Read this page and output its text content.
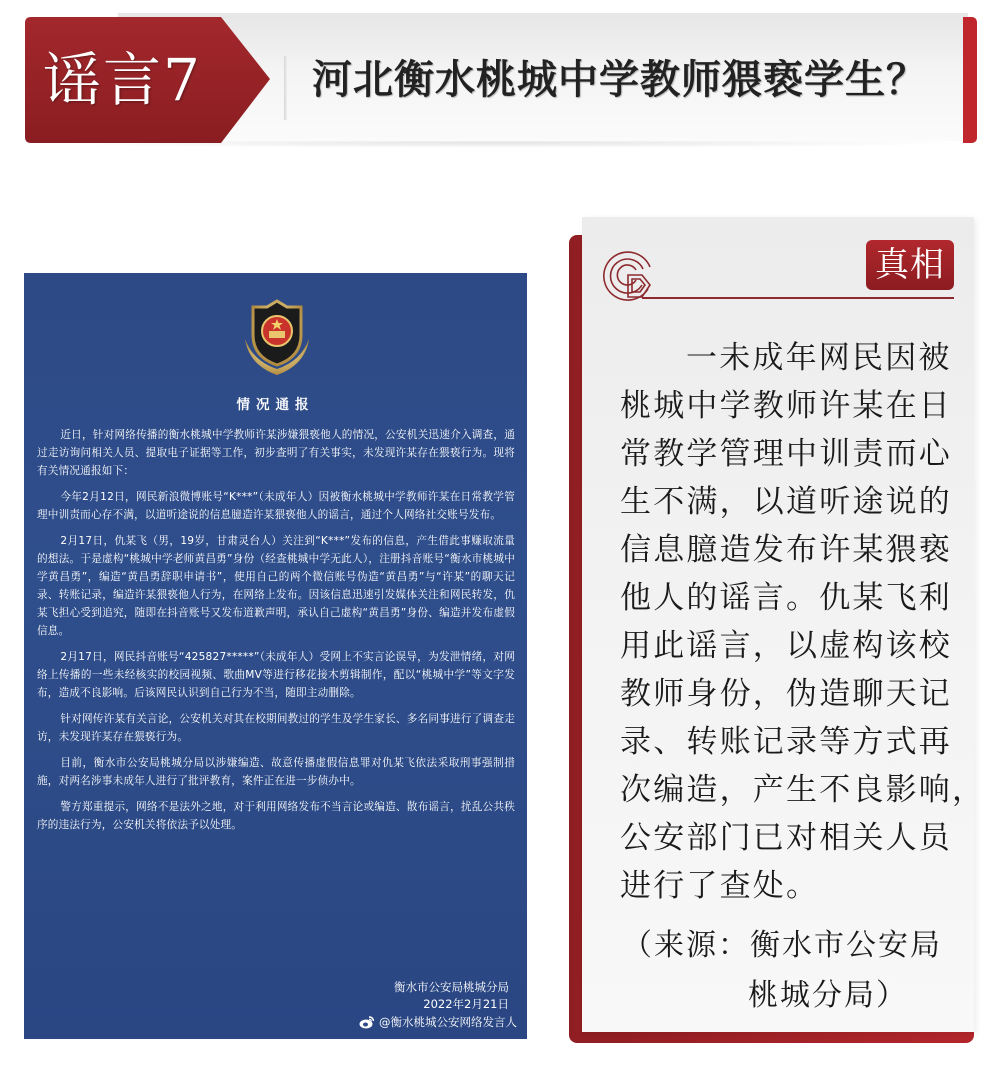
谣言7	河北衡水桃城中学教师猥亵学生？
情况通报

近日，针对网络传播的衡水桃城中学教师许某涉嫌猥亵他人的情况，公安机关迅速介入调查，通过走访询问相关人员、提取电子证据等工作，初步查明了有关事实，未发现许某存在猥亵行为。现将有关情况通报如下：

今年2月12日，网民新浪微博账号“K***”（未成年人）因被衡水桃城中学教师许某在日常教学管理中训责而心存不满，以道听途说的信息臆造许某猥亵他人的谣言，通过个人网络社交账号发布。

2月17日，仇某飞（男，19岁，甘肃灵台人）关注到“K***”发布的信息，产生借此事赚取流量的想法。于是虚构“桃城中学老师黄昌勇”身份（经查桃城中学无此人），注册抖音账号“衡水市桃城中学黄昌勇”，编造“黄昌勇辞职申请书”，使用自己的两个微信账号伪造“黄昌勇”与“许某”的聊天记录、转账记录，编造许某猥亵他人行为，在网络上发布。因该信息迅速引发媒体关注和网民转发，仇某飞担心受到追究，随即在抖音账号又发布道歉声明，承认自己虚构“黄昌勇”身份、编造并发布虚假信息。

2月17日，网民抖音账号“425827*****”（未成年人）受网上不实言论误导，为发泄情绪，对网络上传播的一些未经核实的校园视频、歌曲MV等进行移花接木剪辑制作，配以“桃城中学”等文字发布，造成不良影响。后该网民认识到自己行为不当，随即主动删除。

针对网传许某有关言论，公安机关对其在校期间教过的学生及学生家长、多名同事进行了调查走访，未发现许某存在猥亵行为。

目前，衡水市公安局桃城分局以涉嫌编造、故意传播虚假信息罪对仇某飞依法采取刑事强制措施，对两名涉事未成年人进行了批评教育，案件正在进一步侦办中。

警方郑重提示，网络不是法外之地，对于利用网络发布不当言论或编造、散布谣言，扰乱公共秩序的违法行为，公安机关将依法予以处理。

衡水市公安局桃城分局
2022年2月21日
@衡水桃城公安网络发言人
真相
一未成年网民因被
桃城中学教师许某在日
常教学管理中训责而心
生不满，以道听途说的
信息臆造发布许某猥亵
他人的谣言。仇某飞利
用此谣言，以虚构该校
教师身份，伪造聊天记
录、转账记录等方式再
次编造，产生不良影响，
公安部门已对相关人员
进行了查处。
（来源：衡水市公安局
桃城分局）
